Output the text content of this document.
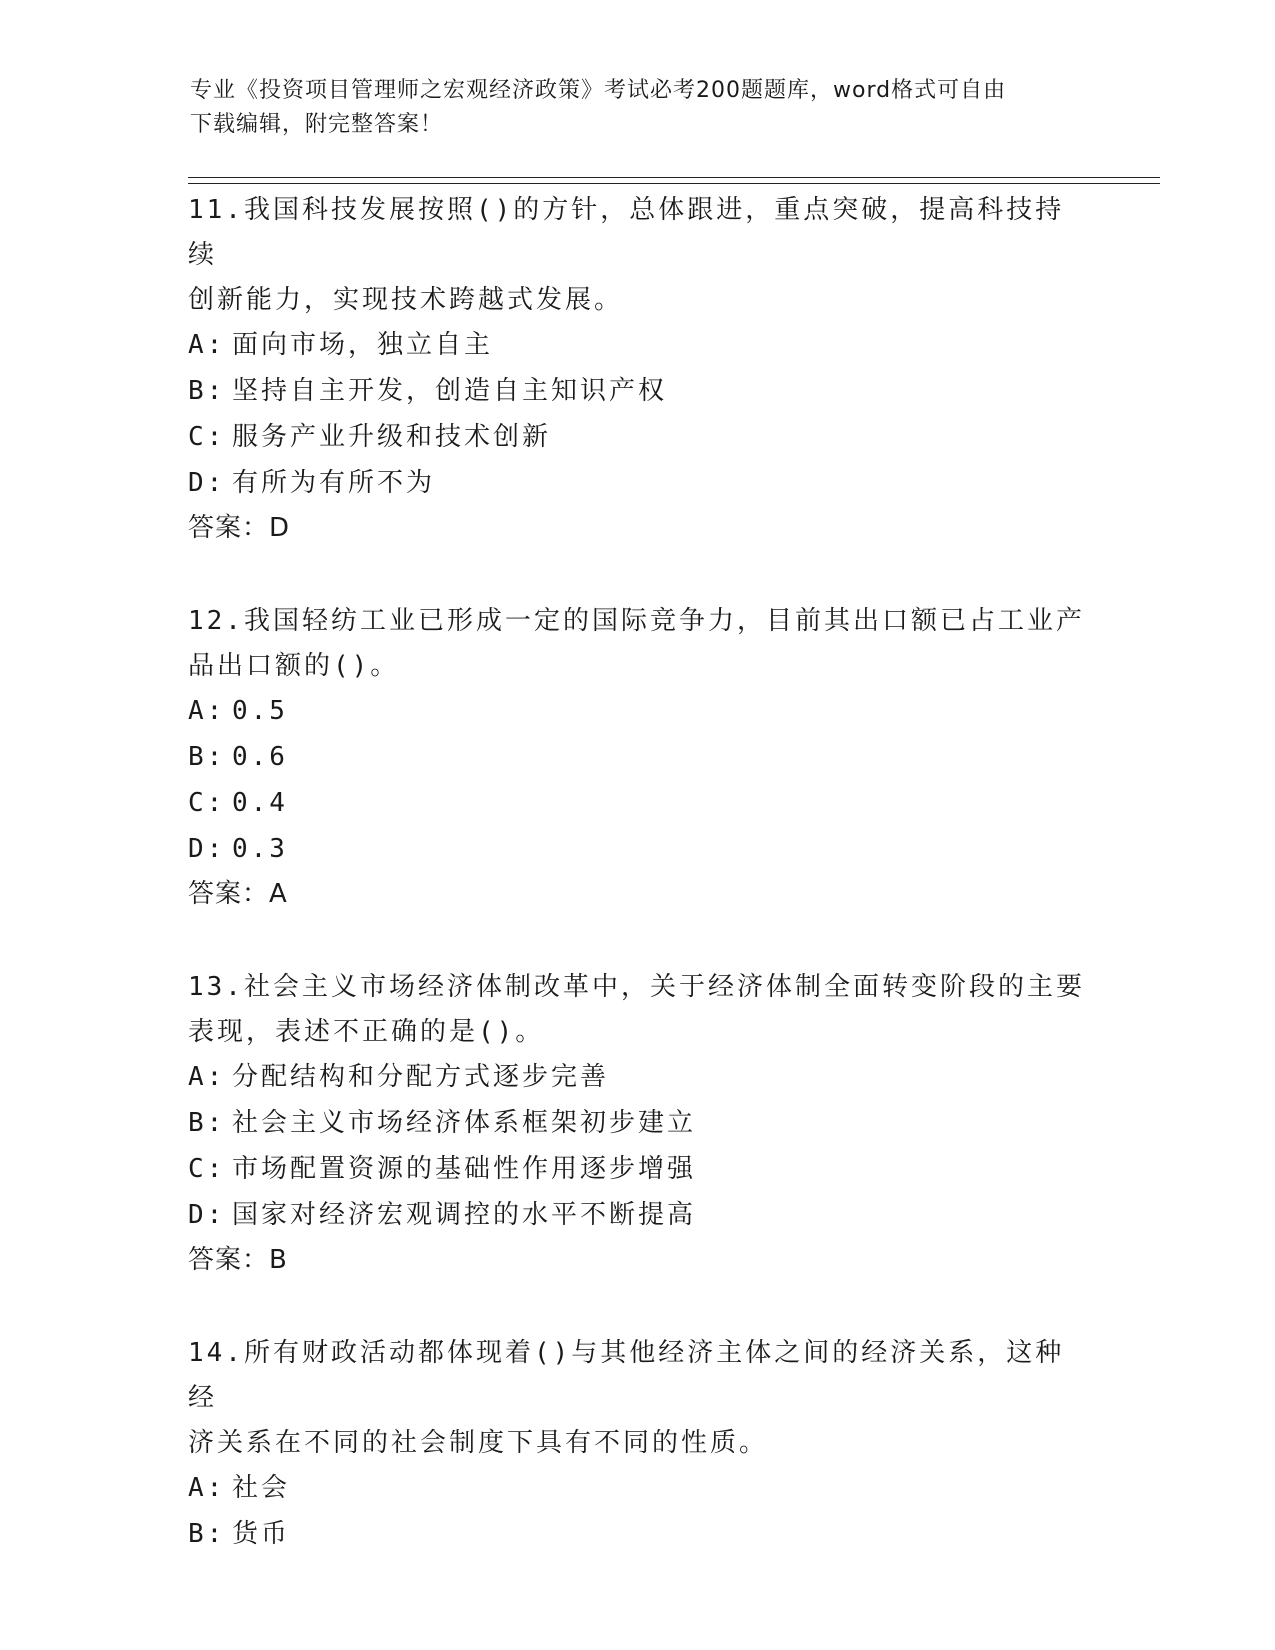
专业《投资项目管理师之宏观经济政策》考试必考200题题库，word格式可自由
下载编辑，附完整答案！

11.我国科技发展按照()的方针，总体跟进，重点突破，提高科技持续
创新能力，实现技术跨越式发展。

A: 面向市场，独立自主
B: 坚持自主开发，创造自主知识产权
C: 服务产业升级和技术创新
D: 有所为有所不为
答案：D

12.我国轻纺工业已形成一定的国际竞争力，目前其出口额已占工业产
品出口额的()。

A: 0.5
B: 0.6
C: 0.4
D: 0.3
答案：A

13.社会主义市场经济体制改革中，关于经济体制全面转变阶段的主要
表现，表述不正确的是()。

A: 分配结构和分配方式逐步完善
B: 社会主义市场经济体系框架初步建立
C: 市场配置资源的基础性作用逐步增强
D: 国家对经济宏观调控的水平不断提高
答案：B

14.所有财政活动都体现着()与其他经济主体之间的经济关系，这种经
济关系在不同的社会制度下具有不同的性质。

A: 社会
B: 货币
